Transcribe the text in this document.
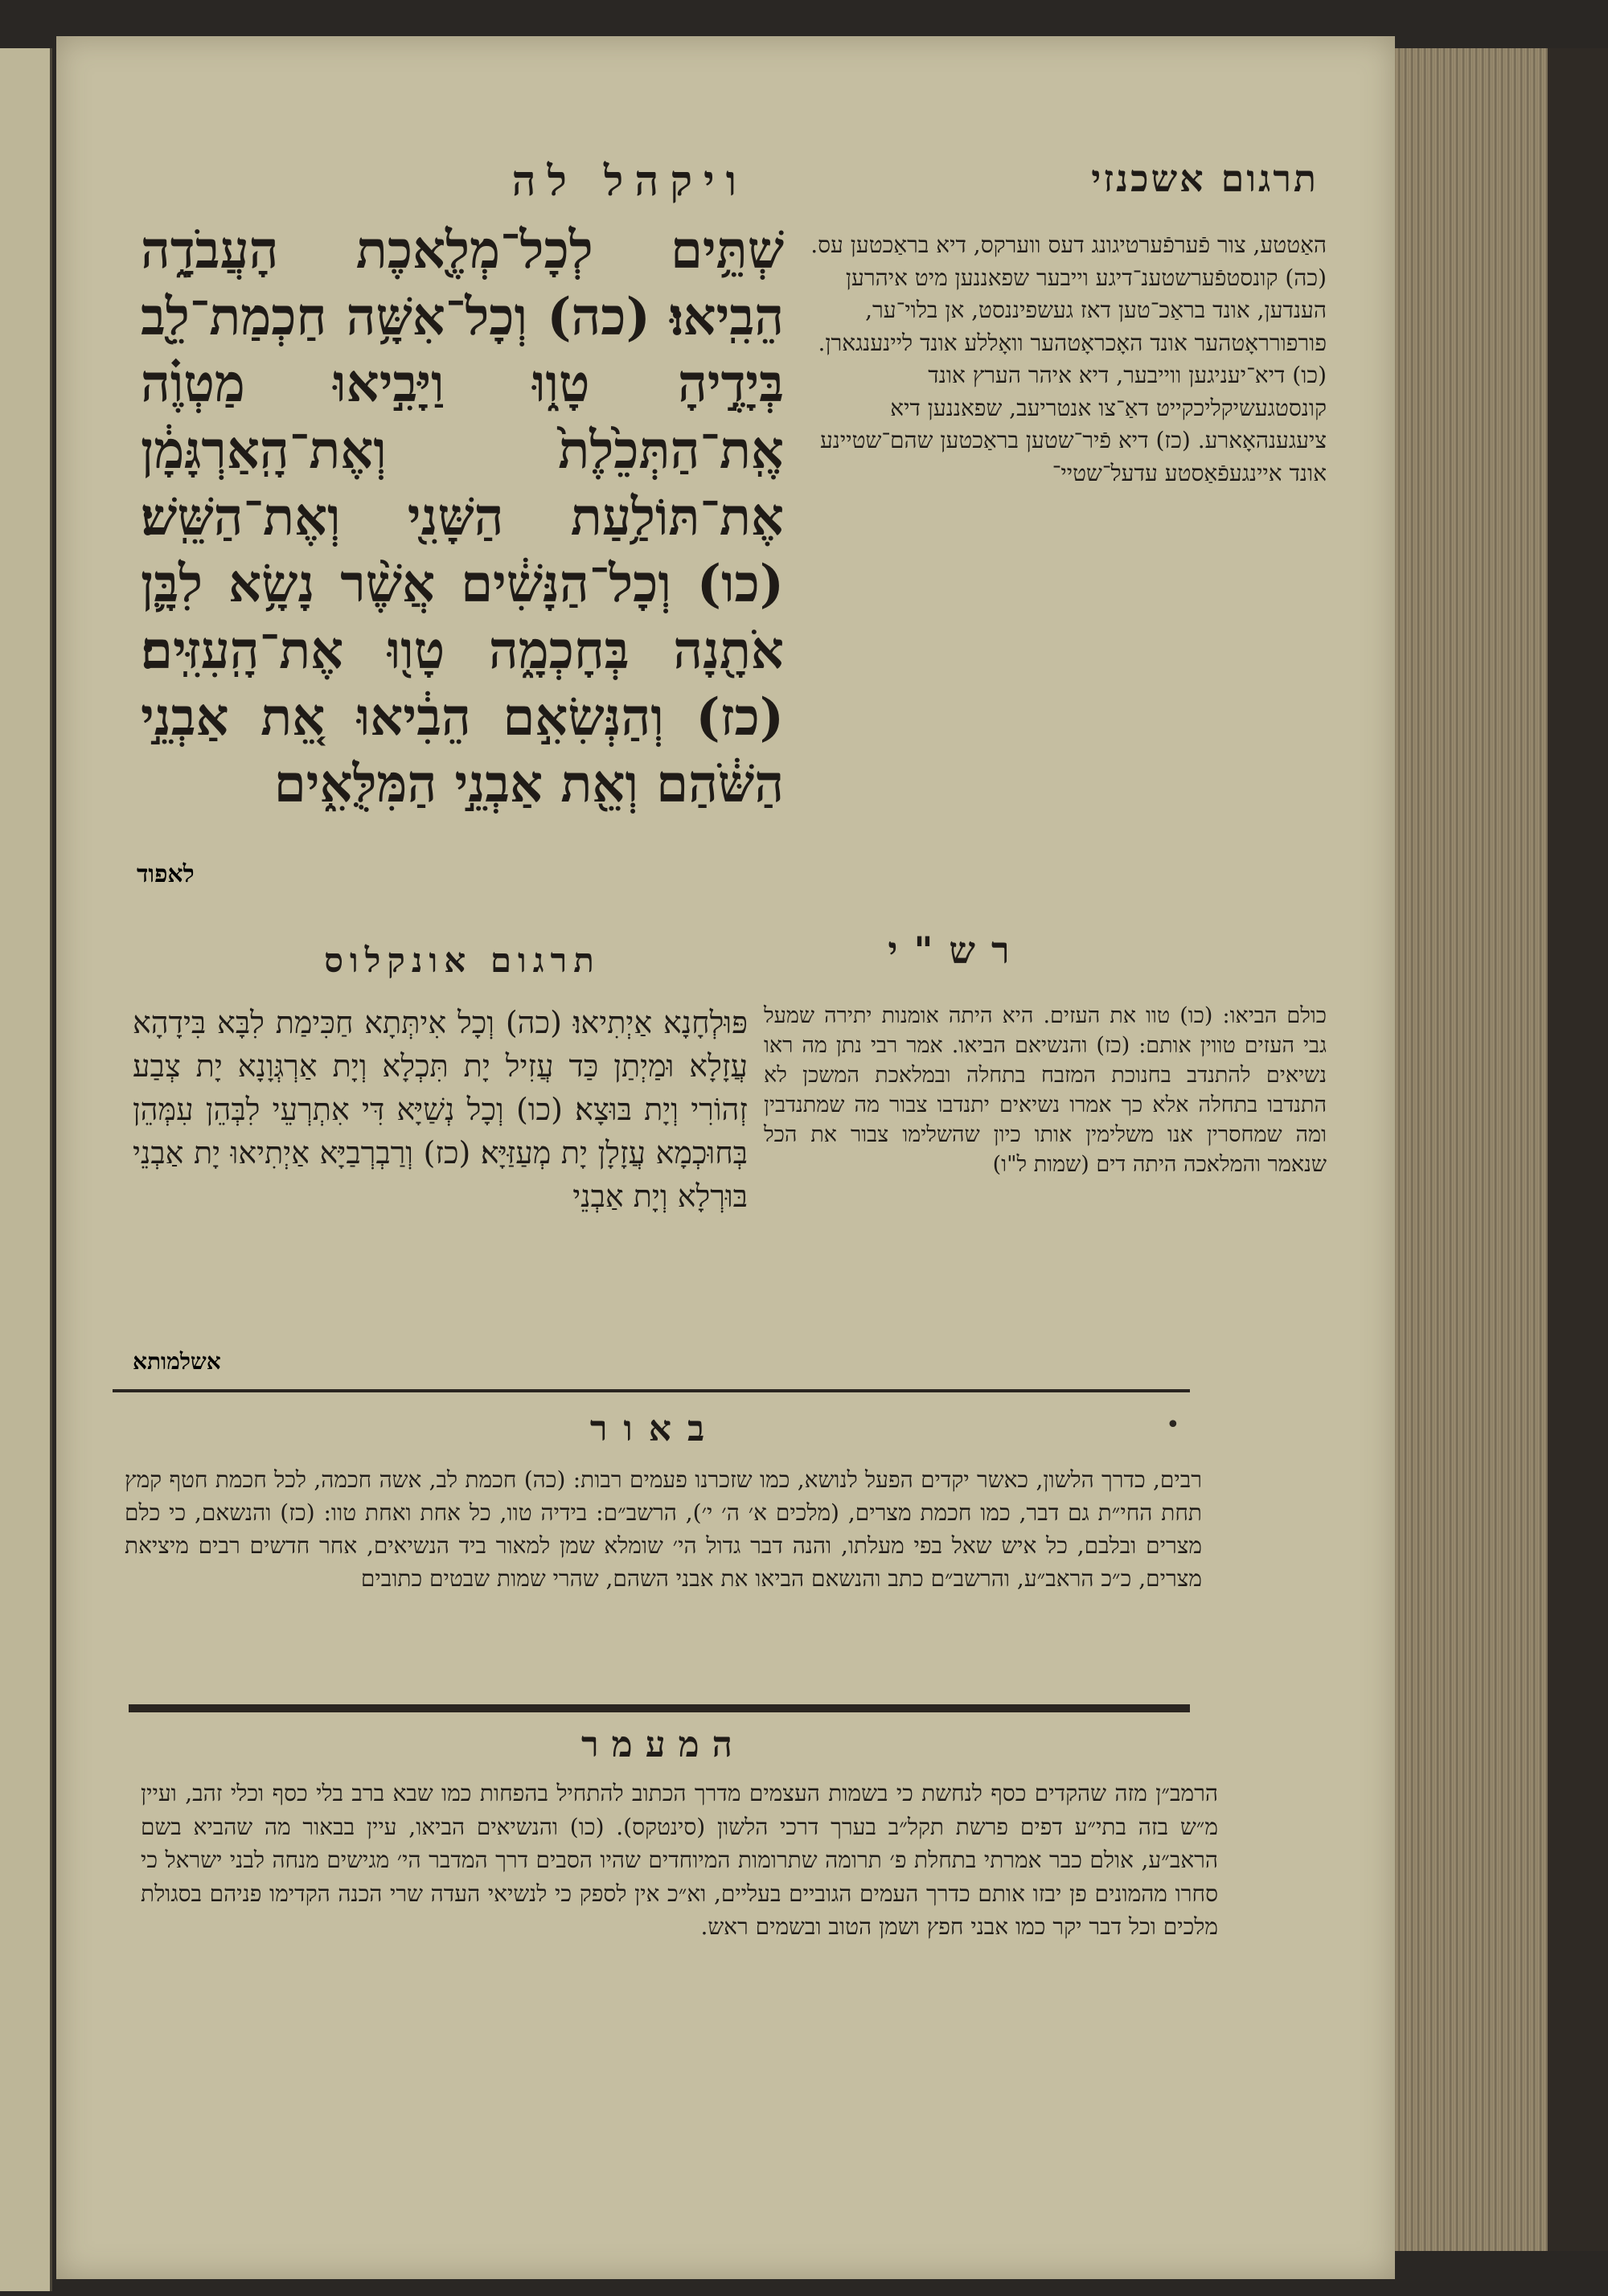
תרגום אשכנזי
ויקהל לה
שְׁתֵּ֥ים לְכָל־מְלֶ֖אכֶת הָעֲבֹדָ֑ה הֵבִֽיאוּ׃ (כה) וְכָל־אִשָּׁ֥ה חַכְמַת־לֵ֖ב בְּיָדֶ֣יהָ טָו֑וּ וַיָּבִ֣יאוּ מַטְוֶ֗ה אֶֽת־הַתְּכֵ֙לֶת֙ וְאֶת־הָֽאַרְגָּמָ֔ן אֶת־תּוֹלַ֥עַת הַשָּׁנִ֖י וְאֶת־הַשֵּֽׁשׁ׃ (כו) וְכָל־הַנָּשִׁ֔ים אֲשֶׁ֨ר נָשָׂ֥א לִבָּ֛ן אֹתָ֖נָה בְּחָכְמָ֑ה טָו֖וּ אֶת־הָֽעִזִּֽים׃ (כז) וְהַנְּשִׂאִ֣ם הֵבִ֔יאוּ אֵ֚ת אַבְנֵ֣י הַשֹּׁ֔הַם וְאֵ֖ת אַבְנֵ֣י הַמִּלֻּאִ֑ים
לאפוד
האַטטע, צור פֿערפֿערטיגונג דעס ווערקס, דיא בראַכטען עס. (כה) קונסטפֿערשטענ־דיגע וייבער שפאננען מיט איהרען הענדען, אונד בראַכ־טען דאז געשפיננסט, אן בלוי־ער, פורפורראָטהער אונד האָכראָטהער וואָללע אונד ליינענגארן. (כו) דיא־יעניגען ווייבער, דיא איהר הערץ אונד קונסטגעשיקליכקייט דאַ־צו אנטריעב, שפאננען דיא ציעגענהאָארע. (כז) דיא פֿיר־שטען בראַכטען שהם־שטיינע אונד איינגעפֿאַסטע עדעל־שטיי־
רש"י
תרגום אונקלוס
כולם הביאו: (כו) טוו את העזים. היא היתה אומנות יתירה שמעל גבי העזים טווין אותם: (כז) והנשיאם הביאו. אמר רבי נתן מה ראו נשיאים להתנדב בחנוכת המזבח בתחלה ובמלאכת המשכן לא התנדבו בתחלה אלא כך אמרו נשיאים יתנדבו צבור מה שמתנדבין ומה שמחסרין אנו משלימין אותו כיון שהשלימו צבור את הכל שנאמר והמלאכה היתה דים (שמות ל"ו)
פּוּלְחָנָא אַיְתִיאוּ׃ (כה) וְכָל אִיתְּתָא חַכִּימַת לִבָּא בִּידָהָא עֲזָלָא וּמַיְתַן כַּד עֲזִיל יָת תִּכְלָא וְיָת אַרְגְּוָנָא יָת צְבַע זְהוֹרִי וְיָת בּוּצָא׃ (כו) וְכָל נְשַׁיָּא דִּי אִתְרְעֵי לִבְּהֵן עִמְּהֵן בְּחוּכְמָא עֲזָלָן יָת מְעַזַּיָּא׃ (כז) וְרַבְרְבַיָּא אַיְתִיאוּ יָת אַבְנֵי בּוּרְלָא וְיָת אַבְנֵי
אשלמותא
באור	•
רבים, כדרך הלשון, כאשר יקדים הפעל לנושא, כמו שזכרנו פעמים רבות: (כה) חכמת לב, אשה חכמה, לכל חכמת חטף קמץ תחת החי״ת גם דבר, כמו חכמת מצרים, (מלכים א׳ ה׳ י׳), הרשב״ם: בידיה טוו, כל אחת ואחת טוו: (כז) והנשאם, כי כלם מצרים ובלבם, כל איש שאל בפי מעלתו, והנה דבר גדול הי׳ שומלא שמן למאור ביד הנשיאים, אחר חדשים רבים מיציאת מצרים, כ״כ הראב״ע, והרשב״ם כתב והנשאם הביאו את אבני השהם, שהרי שמות שבטים כתובים
המעמר
הרמב״ן מזה שהקדים כסף לנחשת כי בשמות העצמים מדרך הכתוב להתחיל בהפחות כמו שבא ברב בלי כסף וכלי זהב, ועיין מ״ש בזה בתי״ע דפים פרשת תקל״ב בערך דרכי הלשון (סינטקס). (כו) והנשיאים הביאו, עיין בבאור מה שהביא בשם הראב״ע, אולם כבר אמרתי בתחלת פ׳ תרומה שתרומות המיוחדים שהיו הסבים דרך המדבר הי׳ מגישים מנחה לבני ישראל כי סחרו מהמונים פן יבזו אותם כדרך העמים הגוביים בעליים, וא״כ אין לספק כי לנשיאי העדה שרי הכנה הקדימו פניהם בסגולת מלכים וכל דבר יקר כמו אבני חפץ ושמן הטוב ובשמים ראש.
